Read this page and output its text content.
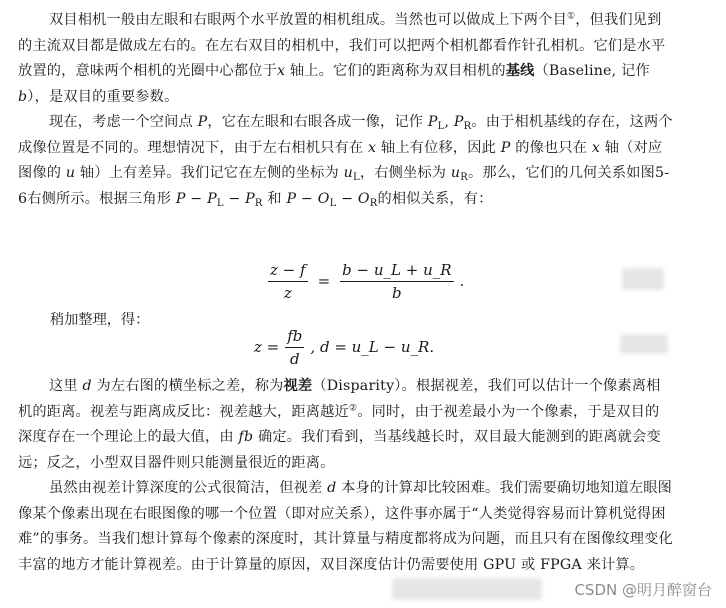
双目相机一般由左眼和右眼两个水平放置的相机组成。当然也可以做成上下两个目①，但我们见到的主流双目都是做成左右的。在左右双目的相机中，我们可以把两个相机都看作针孔相机。它们是水平放置的，意味两个相机的光圈中心都位于x 轴上。它们的距离称为双目相机的基线（Baseline, 记作 b），是双目的重要参数。

现在，考虑一个空间点 P，它在左眼和右眼各成一像，记作 $P_L$, $P_R$。由于相机基线的存在，这两个成像位置是不同的。理想情况下，由于左右相机只有在 x 轴上有位移，因此 P 的像也只在 x 轴（对应图像的 u 轴）上有差异。我们记它在左侧的坐标为 $u_L$，右侧坐标为 $u_R$。那么，它们的几何关系如图5-6右侧所示。根据三角形 $P - P_L - P_R$ 和 $P - O_L - O_R$的相似关系，有：

$\frac{z - f}{z} = \frac{b - u\_L + u\_R}{b}$ .
稍加整理，得：
$z = \frac{fb}{d}$ , d = u_L − u_R.

这里 d 为左右图的横坐标之差，称为视差（Disparity）。根据视差，我们可以估计一个像素离相机的距离。视差与距离成反比：视差越大，距离越近②。同时，由于视差最小为一个像素，于是双目的深度存在一个理论上的最大值，由 fb 确定。我们看到，当基线越长时，双目最大能测到的距离就会变远；反之，小型双目器件则只能测量很近的距离。

虽然由视差计算深度的公式很简洁，但视差 d 本身的计算却比较困难。我们需要确切地知道左眼图像某个像素出现在右眼图像的哪一个位置（即对应关系），这件事亦属于“人类觉得容易而计算机觉得困难”的事务。当我们想计算每个像素的深度时，其计算量与精度都将成为问题，而且只有在图像纹理变化丰富的地方才能计算视差。由于计算量的原因，双目深度估计仍需要使用 GPU 或 FPGA 来计算。

CSDN @明月醉窗台
